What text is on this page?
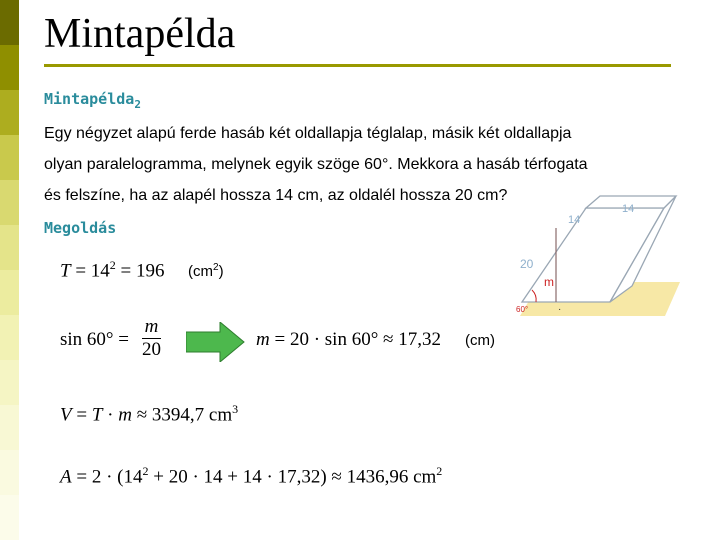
Mintapélda
Mintapélda$_2$
Egy négyzet alapú ferde hasáb két oldallapja téglalap, másik két oldallapja
olyan paralelogramma, melynek egyik szöge 60°. Mekkora a hasáb térfogata
és felszíne, ha az alapél hossza 14 cm, az oldalél hossza 20 cm?
Megoldás
$T = 14^2 = 196$ $(cm^2)$
$\sin 60^\circ = \frac{m}{20}$	m = 20 · sin 60° ≈ 17,32 (cm)
V = T · m ≈ 3394,7 $cm^3$
$A = 2 \cdot (14^2 + 20 \cdot 14 + 14 \cdot 17,32) \approx 1436,96$ $cm^2$
14
14
20
m
60°	·
